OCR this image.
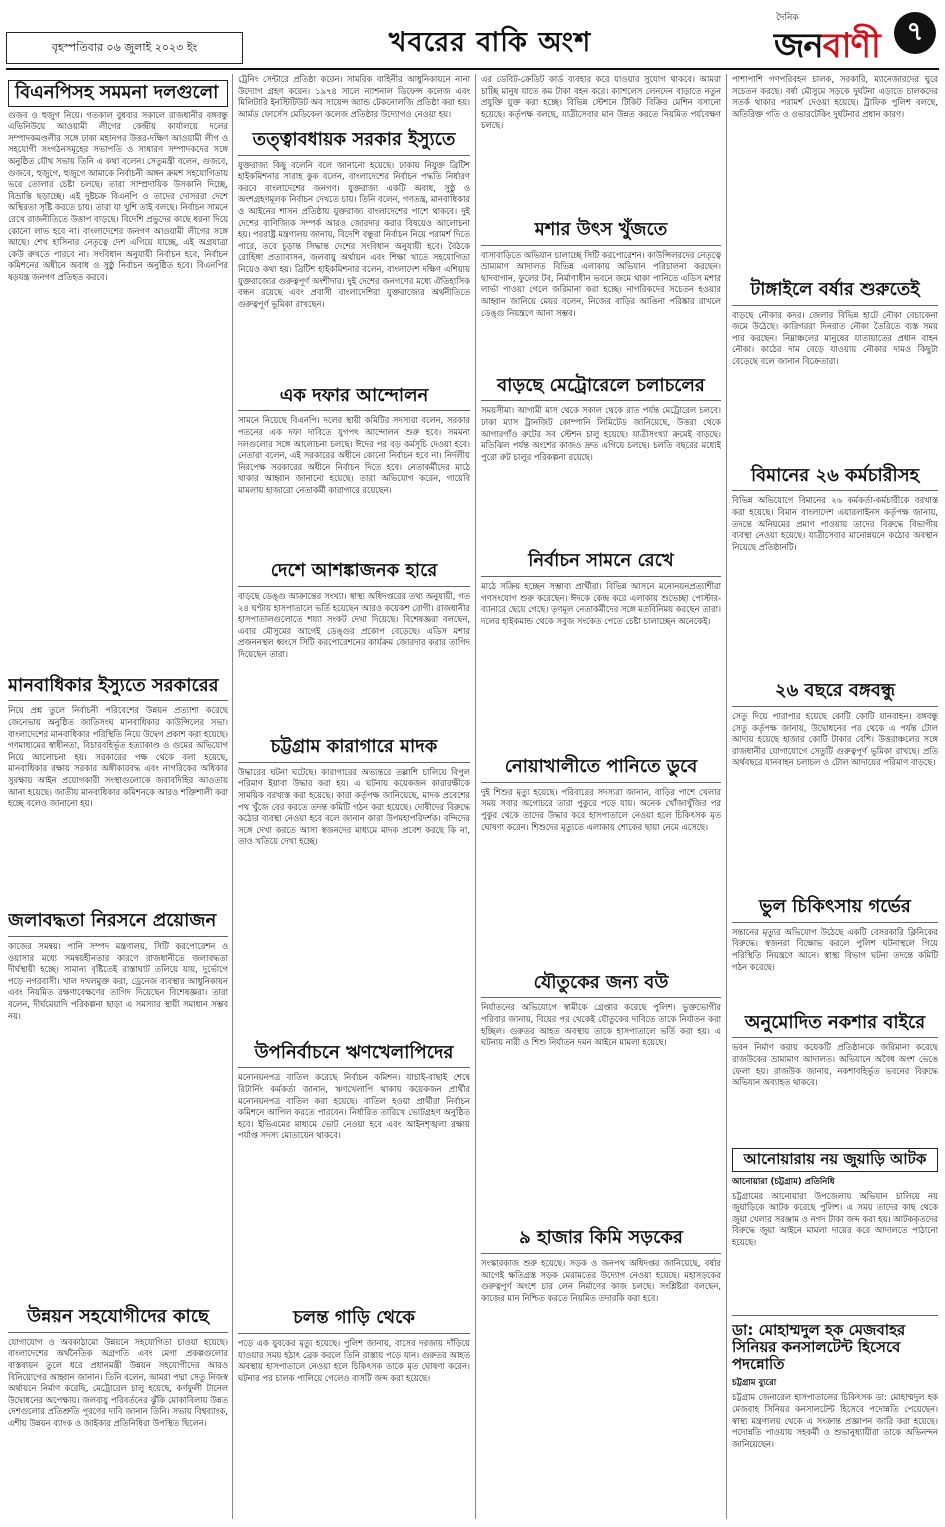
বৃহস্পতিবার ০৬ জুলাই ২০২৩ ইং	খবরের বাকি অংশ
দৈনিক
জনবাণী	৭
বিএনপিসহ সমমনা দলগুলো
গুজব ও হুজুগ নিয়ে। গতকাল বুধবার সকালে রাজধানীর বঙ্গবন্ধু এভিনিউয়ে আওয়ামী লীগের কেন্দ্রীয় কার্যালয়ে দলের সম্পাদকমণ্ডলীর সঙ্গে ঢাকা মহানগর উত্তর-দক্ষিণ আওয়ামী লীগ ও সহযোগী সংগঠনসমূহের সভাপতি ও সাধারণ সম্পাদকদের সঙ্গে অনুষ্ঠিত যৌথ সভায় তিনি এ কথা বলেন। সেতুমন্ত্রী বলেন, গুজবে, গুজবে, হুজুগে, হুজুগে আমাকে নির্বাচনী অঙ্গন ক্রমশ সহযোগিতায় ভরে তোলার চেষ্টা চলছে। তারা সাম্প্রদায়িক উসকানি দিচ্ছে, বিভ্রান্তি ছড়াচ্ছে। এই দুষ্টচক্র বিএনপি ও তাদের দোসররা দেশে অস্থিরতা সৃষ্টি করতে চায়। তারা যা খুশি তাই বলছে। নির্বাচন সামনে রেখে রাজনীতিতে উত্তাপ বাড়ছে। বিদেশি প্রভুদের কাছে ধরনা দিয়ে কোনো লাভ হবে না। বাংলাদেশের জনগণ আওয়ামী লীগের সঙ্গে আছে। শেখ হাসিনার নেতৃত্বে দেশ এগিয়ে যাচ্ছে, এই অগ্রযাত্রা কেউ রুখতে পারবে না। সংবিধান অনুযায়ী নির্বাচন হবে, নির্বাচন কমিশনের অধীনে অবাধ ও সুষ্ঠু নির্বাচন অনুষ্ঠিত হবে। বিএনপির ষড়যন্ত্র জনগণ প্রতিহত করবে।
মানবাধিকার ইস্যুতে সরকারের
নিয়ে প্রশ্ন তুলে নির্বাচনী পরিবেশের উন্নয়ন প্রত্যাশা করেছে জেনেভায় অনুষ্ঠিত জাতিসংঘ মানবাধিকার কাউন্সিলের সভা। বাংলাদেশের মানবাধিকার পরিস্থিতি নিয়ে উদ্বেগ প্রকাশ করা হয়েছে। গণমাধ্যমের স্বাধীনতা, বিচারবহির্ভূত হত্যাকাণ্ড ও গুমের অভিযোগ নিয়ে আলোচনা হয়। সরকারের পক্ষ থেকে বলা হয়েছে, মানবাধিকার রক্ষায় সরকার অঙ্গীকারবদ্ধ এবং নাগরিকের অধিকার সুরক্ষায় আইন প্রয়োগকারী সংস্থাগুলোকে জবাবদিহির আওতায় আনা হয়েছে। জাতীয় মানবাধিকার কমিশনকে আরও শক্তিশালী করা হচ্ছে বলেও জানানো হয়।
জলাবদ্ধতা নিরসনে প্রয়োজন
কাজের সমন্বয়। পানি সম্পদ মন্ত্রণালয়, সিটি করপোরেশন ও ওয়াসার মধ্যে সমন্বয়হীনতার কারণে রাজধানীতে জলাবদ্ধতা দীর্ঘস্থায়ী হচ্ছে। সামান্য বৃষ্টিতেই রাস্তাঘাট তলিয়ে যায়, দুর্ভোগে পড়ে নগরবাসী। খাল দখলমুক্ত করা, ড্রেনেজ ব্যবস্থার আধুনিকায়ন এবং নিয়মিত রক্ষণাবেক্ষণের তাগিদ দিয়েছেন বিশেষজ্ঞরা। তারা বলেন, দীর্ঘমেয়াদি পরিকল্পনা ছাড়া এ সমস্যার স্থায়ী সমাধান সম্ভব নয়।
উন্নয়ন সহযোগীদের কাছে
যোগাযোগ ও অবকাঠামো উন্নয়নে সহযোগিতা চাওয়া হয়েছে। বাংলাদেশের অর্থনৈতিক অগ্রগতি এবং মেগা প্রকল্পগুলোর বাস্তবায়ন তুলে ধরে প্রধানমন্ত্রী উন্নয়ন সহযোগীদের আরও বিনিয়োগের আহ্বান জানান। তিনি বলেন, আমরা পদ্মা সেতু নিজস্ব অর্থায়নে নির্মাণ করেছি, মেট্রোরেল চালু হয়েছে, কর্ণফুলী টানেল উদ্বোধনের অপেক্ষায়। জলবায়ু পরিবর্তনের ঝুঁকি মোকাবিলায় উন্নত দেশগুলোর প্রতিশ্রুতি পূরণের দাবি জানান তিনি। সভায় বিশ্বব্যাংক, এশীয় উন্নয়ন ব্যাংক ও জাইকার প্রতিনিধিরা উপস্থিত ছিলেন।
ট্রেনিং সেন্টারে প্রতিষ্ঠা করেন। সামরিক বাহিনীর আধুনিকায়নে নানা উদ্যোগ গ্রহণ করেন। ১৯৭৪ সালে ন্যাশনাল ডিফেন্স কলেজ এবং মিলিটারি ইনস্টিটিউট অব সায়েন্স অ্যান্ড টেকনোলজি প্রতিষ্ঠা করা হয়। আর্মড ফোর্সেস মেডিকেল কলেজ প্রতিষ্ঠার উদ্যোগও নেওয়া হয়।
তত্ত্বাবধায়ক সরকার ইস্যুতে
যুক্তরাজ্য কিছু বলেনি বলে জানানো হয়েছে। ঢাকায় নিযুক্ত ব্রিটিশ হাইকমিশনার সারাহ কুক বলেন, বাংলাদেশের নির্বাচন পদ্ধতি নির্ধারণ করবে বাংলাদেশের জনগণ। যুক্তরাজ্য একটি অবাধ, সুষ্ঠু ও অংশগ্রহণমূলক নির্বাচন দেখতে চায়। তিনি বলেন, গণতন্ত্র, মানবাধিকার ও আইনের শাসন প্রতিষ্ঠায় যুক্তরাজ্য বাংলাদেশের পাশে থাকবে। দুই দেশের বাণিজ্যিক সম্পর্ক আরও জোরদার করার বিষয়েও আলোচনা হয়। পররাষ্ট্র মন্ত্রণালয় জানায়, বিদেশি বন্ধুরা নির্বাচন নিয়ে পরামর্শ দিতে পারে, তবে চূড়ান্ত সিদ্ধান্ত দেশের সংবিধান অনুযায়ী হবে। বৈঠকে রোহিঙ্গা প্রত্যাবাসন, জলবায়ু অর্থায়ন এবং শিক্ষা খাতে সহযোগিতা নিয়েও কথা হয়। ব্রিটিশ হাইকমিশনার বলেন, বাংলাদেশ দক্ষিণ এশিয়ায় যুক্তরাজ্যের গুরুত্বপূর্ণ অংশীদার। দুই দেশের জনগণের মধ্যে ঐতিহাসিক বন্ধন রয়েছে এবং প্রবাসী বাংলাদেশিরা যুক্তরাজ্যের অর্থনীতিতে গুরুত্বপূর্ণ ভূমিকা রাখছেন।
এক দফার আন্দোলন
সামনে নিয়েছে বিএনপি। দলের স্থায়ী কমিটির সদস্যরা বলেন, সরকার পতনের এক দফা দাবিতে যুগপৎ আন্দোলন শুরু হবে। সমমনা দলগুলোর সঙ্গে আলোচনা চলছে। ঈদের পর বড় কর্মসূচি দেওয়া হবে। নেতারা বলেন, এই সরকারের অধীনে কোনো নির্বাচন হবে না। নির্দলীয় নিরপেক্ষ সরকারের অধীনে নির্বাচন দিতে হবে। নেতাকর্মীদের মাঠে থাকার আহ্বান জানানো হয়েছে। তারা অভিযোগ করেন, গায়েবি মামলায় হাজারো নেতাকর্মী কারাগারে রয়েছেন।
দেশে আশঙ্কাজনক হারে
বাড়ছে ডেঙ্গু আক্রান্তের সংখ্যা। স্বাস্থ্য অধিদপ্তরের তথ্য অনুযায়ী, গত ২৪ ঘণ্টায় হাসপাতালে ভর্তি হয়েছেন আরও কয়েকশ রোগী। রাজধানীর হাসপাতালগুলোতে শয্যা সংকট দেখা দিয়েছে। বিশেষজ্ঞরা বলছেন, এবার মৌসুমের আগেই ডেঙ্গুর প্রকোপ বেড়েছে। এডিস মশার প্রজননস্থল ধ্বংসে সিটি করপোরেশনের কার্যক্রম জোরদার করার তাগিদ দিয়েছেন তারা।
চট্টগ্রাম কারাগারে মাদক
উদ্ধারের ঘটনা ঘটেছে। কারাগারের অভ্যন্তরে তল্লাশি চালিয়ে বিপুল পরিমাণ ইয়াবা উদ্ধার করা হয়। এ ঘটনায় কয়েকজন কারারক্ষীকে সাময়িক বরখাস্ত করা হয়েছে। কারা কর্তৃপক্ষ জানিয়েছে, মাদক প্রবেশের পথ খুঁজে বের করতে তদন্ত কমিটি গঠন করা হয়েছে। দোষীদের বিরুদ্ধে কঠোর ব্যবস্থা নেওয়া হবে বলে জানান কারা উপমহাপরিদর্শক। বন্দিদের সঙ্গে দেখা করতে আসা স্বজনদের মাধ্যমে মাদক প্রবেশ করছে কি না, তাও খতিয়ে দেখা হচ্ছে।
উপনির্বাচনে ঋণখেলাপিদের
মনোনয়নপত্র বাতিল করেছে নির্বাচন কমিশন। যাচাই-বাছাই শেষে রিটার্নিং কর্মকর্তা জানান, ঋণখেলাপি থাকায় কয়েকজন প্রার্থীর মনোনয়নপত্র বাতিল করা হয়েছে। বাতিল হওয়া প্রার্থীরা নির্বাচন কমিশনে আপিল করতে পারবেন। নির্ধারিত তারিখে ভোটগ্রহণ অনুষ্ঠিত হবে। ইভিএমের মাধ্যমে ভোট নেওয়া হবে এবং আইনশৃঙ্খলা রক্ষায় পর্যাপ্ত সদস্য মোতায়েন থাকবে।
চলন্ত গাড়ি থেকে
পড়ে এক যুবকের মৃত্যু হয়েছে। পুলিশ জানায়, বাসের দরজায় দাঁড়িয়ে যাওয়ার সময় হঠাৎ ব্রেক করলে তিনি রাস্তায় পড়ে যান। গুরুতর আহত অবস্থায় হাসপাতালে নেওয়া হলে চিকিৎসক তাকে মৃত ঘোষণা করেন। ঘটনার পর চালক পালিয়ে গেলেও বাসটি জব্দ করা হয়েছে।
এর ডেবিট-ক্রেডিট কার্ড ব্যবহার করে যাওয়ার সুযোগ থাকবে। আমরা চাচ্ছি মানুষ যাতে কম টাকা বহন করে। ক্যাশলেস লেনদেন বাড়াতে নতুন প্রযুক্তি যুক্ত করা হচ্ছে। বিভিন্ন স্টেশনে টিকিট বিক্রির মেশিন বসানো হয়েছে। কর্তৃপক্ষ বলছে, যাত্রীসেবার মান উন্নত করতে নিয়মিত পর্যবেক্ষণ চলছে।
মশার উৎস খুঁজতে
বাসাবাড়িতে অভিযান চালাচ্ছে সিটি করপোরেশন। কাউন্সিলরদের নেতৃত্বে ভ্রাম্যমাণ আদালত বিভিন্ন এলাকায় অভিযান পরিচালনা করছেন। ছাদবাগান, ফুলের টব, নির্মাণাধীন ভবনে জমে থাকা পানিতে এডিস মশার লার্ভা পাওয়া গেলে জরিমানা করা হচ্ছে। নাগরিকদের সচেতন হওয়ার আহ্বান জানিয়ে মেয়র বলেন, নিজের বাড়ির আঙিনা পরিষ্কার রাখলে ডেঙ্গু নিয়ন্ত্রণে আনা সম্ভব।
বাড়ছে মেট্রোরেলে চলাচলের
সময়সীমা। আগামী মাস থেকে সকাল থেকে রাত পর্যন্ত মেট্রোরেল চলবে। ঢাকা ম্যাস ট্রানজিট কোম্পানি লিমিটেড জানিয়েছে, উত্তরা থেকে আগারগাঁও রুটের সব স্টেশন চালু হয়েছে। যাত্রীসংখ্যা ক্রমেই বাড়ছে। মতিঝিল পর্যন্ত অংশের কাজও দ্রুত এগিয়ে চলছে। চলতি বছরের মধ্যেই পুরো রুট চালুর পরিকল্পনা রয়েছে।
নির্বাচন সামনে রেখে
মাঠে সক্রিয় হচ্ছেন সম্ভাব্য প্রার্থীরা। বিভিন্ন আসনে মনোনয়নপ্রত্যাশীরা গণসংযোগ শুরু করেছেন। ঈদকে কেন্দ্র করে এলাকায় শুভেচ্ছা পোস্টার-ব্যানারে ছেয়ে গেছে। তৃণমূল নেতাকর্মীদের সঙ্গে মতবিনিময় করছেন তারা। দলের হাইকমান্ড থেকে সবুজ সংকেত পেতে চেষ্টা চালাচ্ছেন অনেকেই।
নোয়াখালীতে পানিতে ডুবে
দুই শিশুর মৃত্যু হয়েছে। পরিবারের সদস্যরা জানান, বাড়ির পাশে খেলার সময় সবার অগোচরে তারা পুকুরে পড়ে যায়। অনেক খোঁজাখুঁজির পর পুকুর থেকে তাদের উদ্ধার করে হাসপাতালে নেওয়া হলে চিকিৎসক মৃত ঘোষণা করেন। শিশুদের মৃত্যুতে এলাকায় শোকের ছায়া নেমে এসেছে।
যৌতুকের জন্য বউ
নির্যাতনের অভিযোগে স্বামীকে গ্রেপ্তার করেছে পুলিশ। ভুক্তভোগীর পরিবার জানায়, বিয়ের পর থেকেই যৌতুকের দাবিতে তাকে নির্যাতন করা হচ্ছিল। গুরুতর আহত অবস্থায় তাকে হাসপাতালে ভর্তি করা হয়। এ ঘটনায় নারী ও শিশু নির্যাতন দমন আইনে মামলা হয়েছে।
৯ হাজার কিমি সড়কের
সংস্কারকাজ শুরু হয়েছে। সড়ক ও জনপথ অধিদপ্তর জানিয়েছে, বর্ষার আগেই ক্ষতিগ্রস্ত সড়ক মেরামতের উদ্যোগ নেওয়া হয়েছে। মহাসড়কের গুরুত্বপূর্ণ অংশে চার লেন নির্মাণের কাজ চলছে। সংশ্লিষ্টরা বলছেন, কাজের মান নিশ্চিত করতে নিয়মিত তদারকি করা হবে।
পাশাপাশি গণপরিবহন চালক, সরকারি, ম্যানেজারদের ঘুরে সচেতন করছে। বর্ষা মৌসুমে সড়কে দুর্ঘটনা এড়াতে চালকদের সতর্ক থাকার পরামর্শ দেওয়া হয়েছে। ট্রাফিক পুলিশ বলছে, অতিরিক্ত গতি ও ওভারটেকিং দুর্ঘটনার প্রধান কারণ।
টাঙ্গাইলে বর্ষার শুরুতেই
বাড়ছে নৌকার কদর। জেলার বিভিন্ন হাটে নৌকা বেচাকেনা জমে উঠেছে। কারিগররা দিনরাত নৌকা তৈরিতে ব্যস্ত সময় পার করছেন। নিম্নাঞ্চলের মানুষের যাতায়াতের প্রধান বাহন নৌকা। কাঠের দাম বেড়ে যাওয়ায় নৌকার দামও কিছুটা বেড়েছে বলে জানান বিক্রেতারা।
বিমানের ২৬ কর্মচারীসহ
বিভিন্ন অভিযোগে বিমানের ২৬ কর্মকর্তা-কর্মচারীকে বরখাস্ত করা হয়েছে। বিমান বাংলাদেশ এয়ারলাইনস কর্তৃপক্ষ জানায়, তদন্তে অনিয়মের প্রমাণ পাওয়ায় তাদের বিরুদ্ধে বিভাগীয় ব্যবস্থা নেওয়া হয়েছে। যাত্রীসেবার মানোন্নয়নে কঠোর অবস্থান নিয়েছে প্রতিষ্ঠানটি।
২৬ বছরে বঙ্গবন্ধু
সেতু দিয়ে পারাপার হয়েছে কোটি কোটি যানবাহন। বঙ্গবন্ধু সেতু কর্তৃপক্ষ জানায়, উদ্বোধনের পর থেকে এ পর্যন্ত টোল আদায় হয়েছে হাজার কোটি টাকার বেশি। উত্তরাঞ্চলের সঙ্গে রাজধানীর যোগাযোগে সেতুটি গুরুত্বপূর্ণ ভূমিকা রাখছে। প্রতি অর্থবছরে যানবাহন চলাচল ও টোল আদায়ের পরিমাণ বাড়ছে।
ভুল চিকিৎসায় গর্ভের
সন্তানের মৃত্যুর অভিযোগ উঠেছে একটি বেসরকারি ক্লিনিকের বিরুদ্ধে। স্বজনরা বিক্ষোভ করলে পুলিশ ঘটনাস্থলে গিয়ে পরিস্থিতি নিয়ন্ত্রণে আনে। স্বাস্থ্য বিভাগ ঘটনা তদন্তে কমিটি গঠন করেছে।
অনুমোদিত নকশার বাইরে
ভবন নির্মাণ করায় কয়েকটি প্রতিষ্ঠানকে জরিমানা করেছে রাজউকের ভ্রাম্যমাণ আদালত। অভিযানে অবৈধ অংশ ভেঙে ফেলা হয়। রাজউক জানায়, নকশাবহির্ভূত ভবনের বিরুদ্ধে অভিযান অব্যাহত থাকবে।
আনোয়ারায় নয় জুয়াড়ি আটক
আনোয়ারা (চট্টগ্রাম) প্রতিনিধি
চট্টগ্রামের আনোয়ারা উপজেলায় অভিযান চালিয়ে নয় জুয়াড়িকে আটক করেছে পুলিশ। এ সময় তাদের কাছ থেকে জুয়া খেলার সরঞ্জাম ও নগদ টাকা জব্দ করা হয়। আটককৃতদের বিরুদ্ধে জুয়া আইনে মামলা দায়ের করে আদালতে পাঠানো হয়েছে।
ডা: মোহাম্মদুল হক মেজবাহর সিনিয়র কনসালটেন্ট হিসেবে পদন্নোতি
চট্টগ্রাম ব্যুরো
চট্টগ্রাম জেনারেল হাসপাতালের চিকিৎসক ডা: মোহাম্মদুল হক মেজবাহ সিনিয়র কনসালটেন্ট হিসেবে পদোন্নতি পেয়েছেন। স্বাস্থ্য মন্ত্রণালয় থেকে এ সংক্রান্ত প্রজ্ঞাপন জারি করা হয়েছে। পদোন্নতি পাওয়ায় সহকর্মী ও শুভানুধ্যায়ীরা তাকে অভিনন্দন জানিয়েছেন।
